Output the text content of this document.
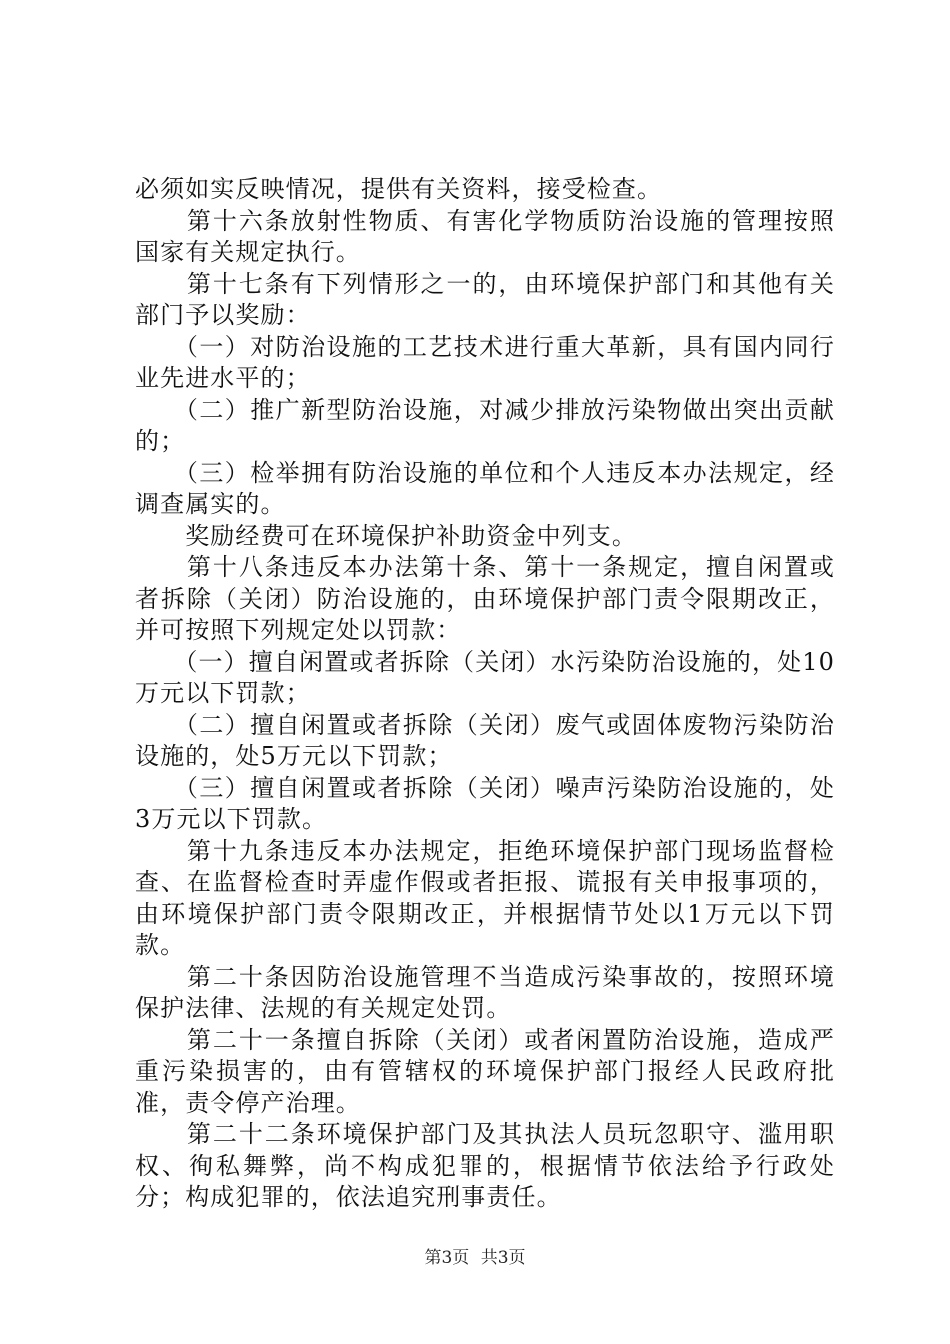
必须如实反映情况，提供有关资料，接受检查。

　　第十六条放射性物质、有害化学物质防治设施的管理按照国家有关规定执行。

　　第十七条有下列情形之一的，由环境保护部门和其他有关部门予以奖励：

　　（一）对防治设施的工艺技术进行重大革新，具有国内同行业先进水平的；

　　（二）推广新型防治设施，对减少排放污染物做出突出贡献的；

　　（三）检举拥有防治设施的单位和个人违反本办法规定，经调查属实的。

　　奖励经费可在环境保护补助资金中列支。

　　第十八条违反本办法第十条、第十一条规定，擅自闲置或者拆除（关闭）防治设施的，由环境保护部门责令限期改正，并可按照下列规定处以罚款：

　　（一）擅自闲置或者拆除（关闭）水污染防治设施的，处10万元以下罚款；

　　（二）擅自闲置或者拆除（关闭）废气或固体废物污染防治设施的，处5万元以下罚款；

　　（三）擅自闲置或者拆除（关闭）噪声污染防治设施的，处3万元以下罚款。

　　第十九条违反本办法规定，拒绝环境保护部门现场监督检查、在监督检查时弄虚作假或者拒报、谎报有关申报事项的，由环境保护部门责令限期改正，并根据情节处以1万元以下罚款。

　　第二十条因防治设施管理不当造成污染事故的，按照环境保护法律、法规的有关规定处罚。

　　第二十一条擅自拆除（关闭）或者闲置防治设施，造成严重污染损害的，由有管辖权的环境保护部门报经人民政府批准，责令停产治理。

　　第二十二条环境保护部门及其执法人员玩忽职守、滥用职权、徇私舞弊，尚不构成犯罪的，根据情节依法给予行政处分；构成犯罪的，依法追究刑事责任。

第3页 共3页
